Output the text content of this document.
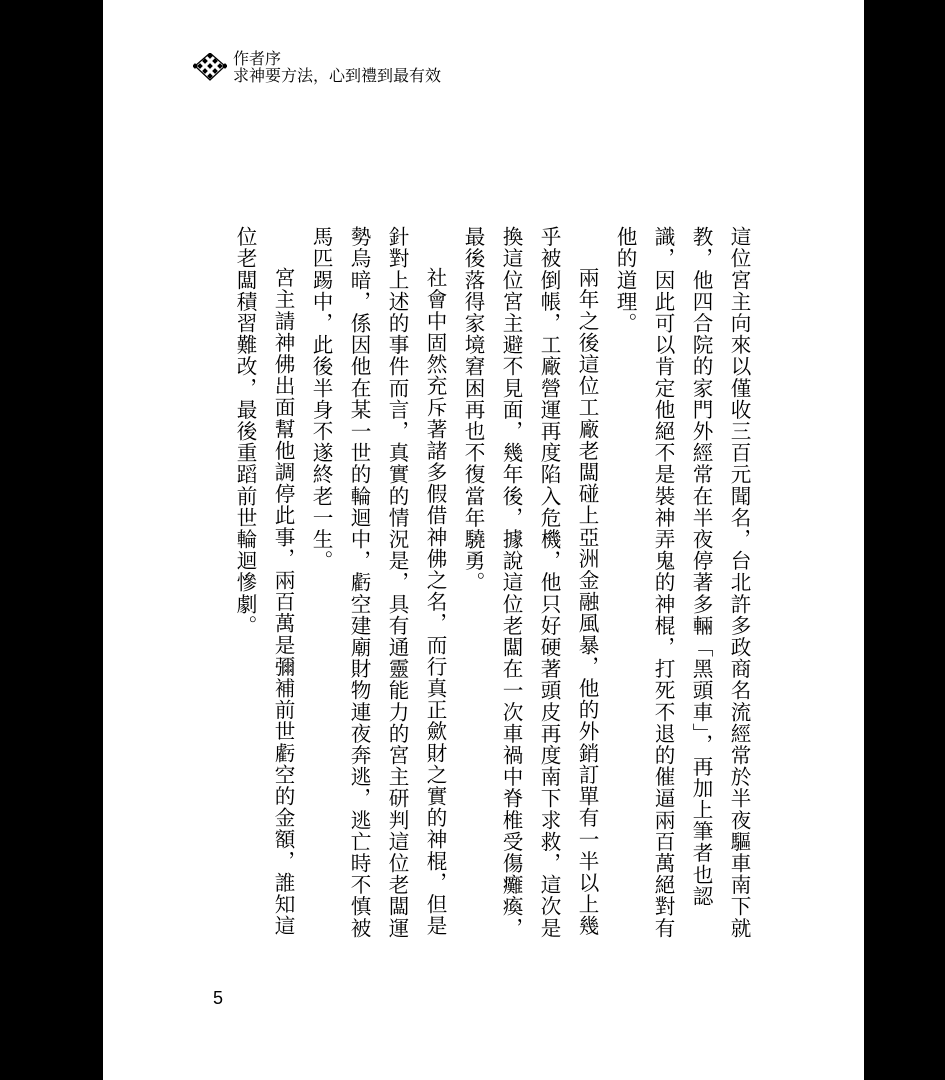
作者序
求神要方法，心到禮到最有效

這位宮主向來以僅收三百元聞名，台北許多政商名流經常於半夜驅車南下就教，他四合院的家門外經常在半夜停著多輛「黑頭車」，再加上筆者也認識，因此可以肯定他絕不是裝神弄鬼的神棍，打死不退的催逼兩百萬絕對有他的道理。

兩年之後這位工廠老闆碰上亞洲金融風暴，他的外銷訂單有一半以上幾乎被倒帳，工廠營運再度陷入危機，他只好硬著頭皮再度南下求救，這次是換這位宮主避不見面，幾年後，據說這位老闆在一次車禍中脊椎受傷癱瘓，最後落得家境窘困再也不復當年驍勇。

社會中固然充斥著諸多假借神佛之名，而行真正歛財之實的神棍，但是針對上述的事件而言，真實的情況是，具有通靈能力的宮主研判這位老闆運勢烏暗，係因他在某一世的輪迴中，虧空建廟財物連夜奔逃，逃亡時不慎被馬匹踢中，此後半身不遂終老一生。

宮主請神佛出面幫他調停此事，兩百萬是彌補前世虧空的金額，誰知這位老闆積習難改，最後重蹈前世輪迴慘劇。

5
